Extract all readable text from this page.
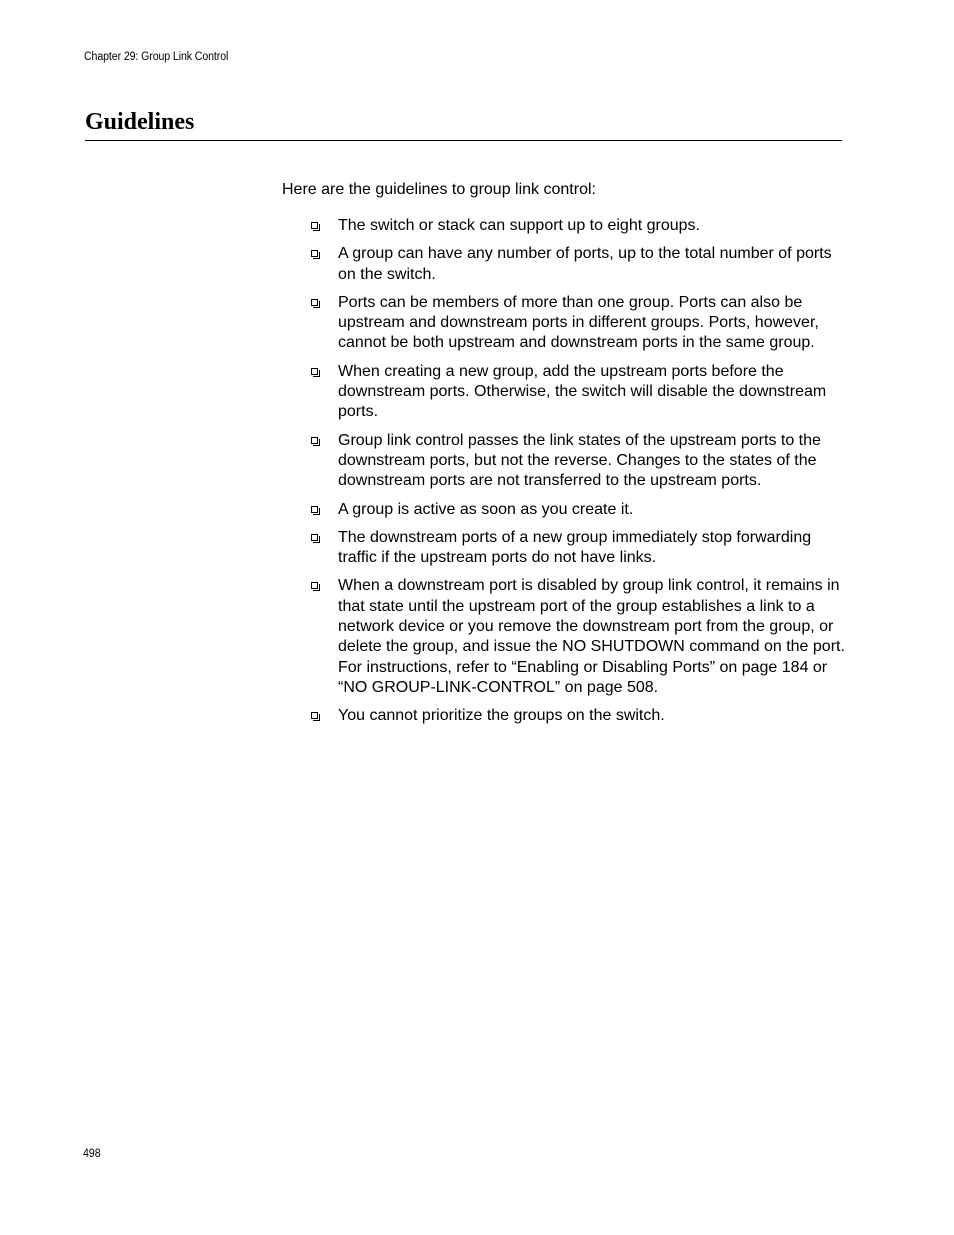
Chapter 29: Group Link Control
Guidelines

Here are the guidelines to group link control:

The switch or stack can support up to eight groups.
A group can have any number of ports, up to the total number of ports on the switch.
Ports can be members of more than one group. Ports can also be upstream and downstream ports in different groups. Ports, however, cannot be both upstream and downstream ports in the same group.
When creating a new group, add the upstream ports before the downstream ports. Otherwise, the switch will disable the downstream ports.
Group link control passes the link states of the upstream ports to the downstream ports, but not the reverse. Changes to the states of the downstream ports are not transferred to the upstream ports.
A group is active as soon as you create it.
The downstream ports of a new group immediately stop forwarding traffic if the upstream ports do not have links.
When a downstream port is disabled by group link control, it remains in that state until the upstream port of the group establishes a link to a network device or you remove the downstream port from the group, or delete the group, and issue the NO SHUTDOWN command on the port. For instructions, refer to “Enabling or Disabling Ports” on page 184 or “NO GROUP-LINK-CONTROL” on page 508.
You cannot prioritize the groups on the switch.
498
